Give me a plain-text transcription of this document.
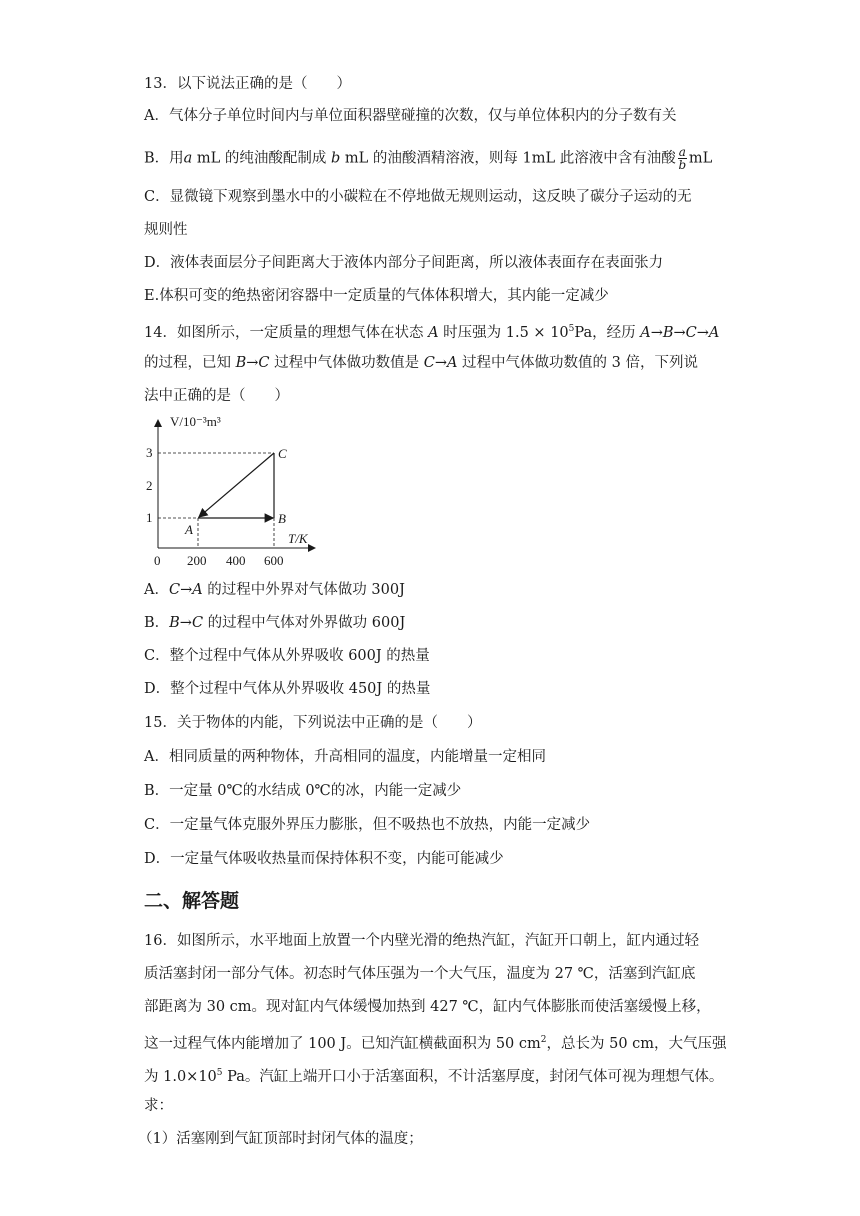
13．以下说法正确的是（　　）
A．气体分子单位时间内与单位面积器壁碰撞的次数，仅与单位体积内的分子数有关
B．用a mL 的纯油酸配制成 b mL 的油酸酒精溶液，则每 1mL 此溶液中含有油酸 $\frac{a}{b}$ mL
C．显微镜下观察到墨水中的小碳粒在不停地做无规则运动，这反映了碳分子运动的无
规则性
D．液体表面层分子间距离大于液体内部分子间距离，所以液体表面存在表面张力
E.体积可变的绝热密闭容器中一定质量的气体体积增大，其内能一定减少
14．如图所示，一定质量的理想气体在状态 A 时压强为 $1.5 \times 10^5Pa$，经历 A→B→C→A
的过程，已知 B→C 过程中气体做功数值是 C→A 过程中气体做功数值的 3 倍，下列说
法中正确的是（　　）
V/10⁻³m³
T/K
3
2
1
0 200 400 600
A
B
C
A．C→A 的过程中外界对气体做功 300J
B．B→C 的过程中气体对外界做功 600J
C．整个过程中气体从外界吸收 600J 的热量
D．整个过程中气体从外界吸收 450J 的热量
15．关于物体的内能，下列说法中正确的是（　　）
A．相同质量的两种物体，升高相同的温度，内能增量一定相同
B．一定量 0℃的水结成 0℃的冰，内能一定减少
C．一定量气体克服外界压力膨胀，但不吸热也不放热，内能一定减少
D．一定量气体吸收热量而保持体积不变，内能可能减少
二、解答题
16．如图所示，水平地面上放置一个内壁光滑的绝热汽缸，汽缸开口朝上，缸内通过轻
质活塞封闭一部分气体。初态时气体压强为一个大气压，温度为 27 ℃，活塞到汽缸底
部距离为 30 cm。现对缸内气体缓慢加热到 427 ℃，缸内气体膨胀而使活塞缓慢上移，
这一过程气体内能增加了 100 J。已知汽缸横截面积为 50 $cm^2$，总长为 50 cm，大气压强
为 $1.0\times 10^5$ Pa。汽缸上端开口小于活塞面积，不计活塞厚度，封闭气体可视为理想气体。
求：
（1）活塞刚到气缸顶部时封闭气体的温度；
